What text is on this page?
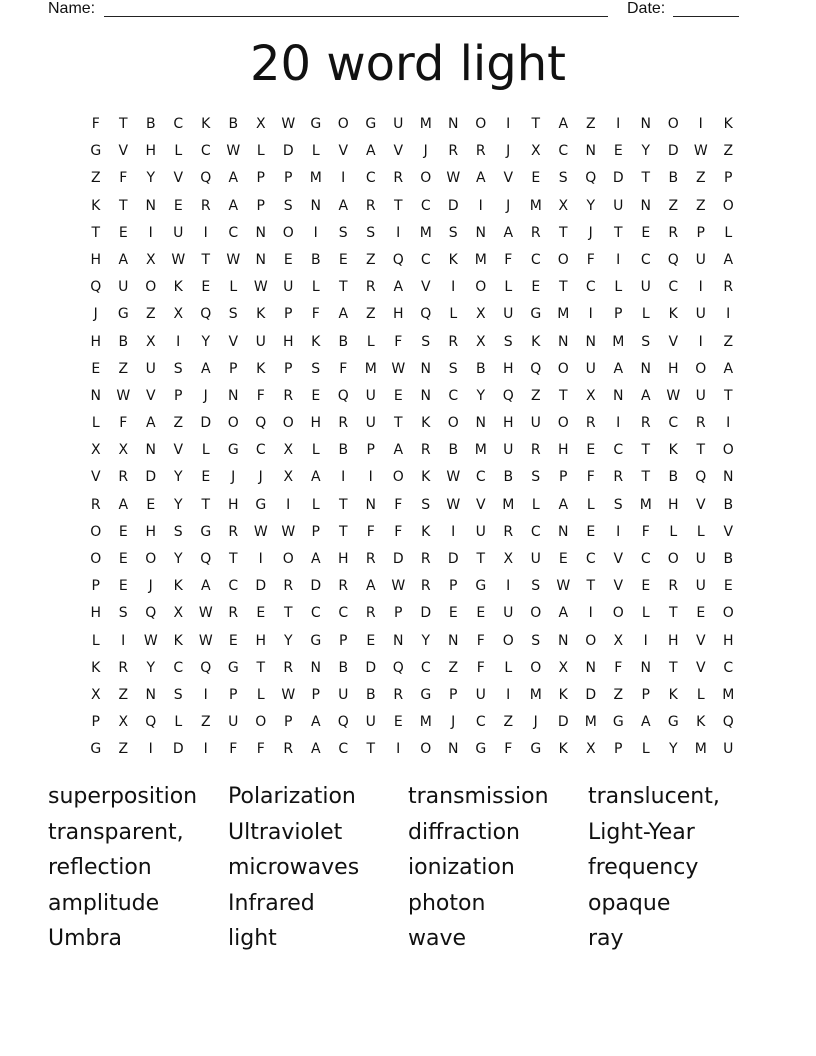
Name:	Date:
20 word light
F	T	B	C	K	B	X	W	G	O	G	U	M	N	O	I	T	A	Z	I	N	O	I	K
G	V	H	L	C	W	L	D	L	V	A	V	J	R	R	J	X	C	N	E	Y	D	W	Z
Z	F	Y	V	Q	A	P	P	M	I	C	R	O	W	A	V	E	S	Q	D	T	B	Z	P
K	T	N	E	R	A	P	S	N	A	R	T	C	D	I	J	M	X	Y	U	N	Z	Z	O
T	E	I	U	I	C	N	O	I	S	S	I	M	S	N	A	R	T	J	T	E	R	P	L
H	A	X	W	T	W	N	E	B	E	Z	Q	C	K	M	F	C	O	F	I	C	Q	U	A
Q	U	O	K	E	L	W	U	L	T	R	A	V	I	O	L	E	T	C	L	U	C	I	R
J	G	Z	X	Q	S	K	P	F	A	Z	H	Q	L	X	U	G	M	I	P	L	K	U	I
H	B	X	I	Y	V	U	H	K	B	L	F	S	R	X	S	K	N	N	M	S	V	I	Z
E	Z	U	S	A	P	K	P	S	F	M	W	N	S	B	H	Q	O	U	A	N	H	O	A
N	W	V	P	J	N	F	R	E	Q	U	E	N	C	Y	Q	Z	T	X	N	A	W	U	T
L	F	A	Z	D	O	Q	O	H	R	U	T	K	O	N	H	U	O	R	I	R	C	R	I
X	X	N	V	L	G	C	X	L	B	P	A	R	B	M	U	R	H	E	C	T	K	T	O
V	R	D	Y	E	J	J	X	A	I	I	O	K	W	C	B	S	P	F	R	T	B	Q	N
R	A	E	Y	T	H	G	I	L	T	N	F	S	W	V	M	L	A	L	S	M	H	V	B
O	E	H	S	G	R	W W	P	T	F	F	K	I	U	R	C	N	E	I	F	L	L	V
O	E	O	Y	Q	T	I	O	A	H	R	D	R	D	T	X	U	E	C	V	C	O	U	B
P	E	J	K	A	C	D	R	D	R	A	W	R	P	G	I	S	W	T	V	E	R	U	E
H	S	Q	X	W	R	E	T	C	C	R	P	D	E	E	U	O	A	I	O	L	T	E	O
L	I	W	K	W	E	H	Y	G	P	E	N	Y	N	F	O	S	N	O	X	I	H	V	H
K	R	Y	C	Q	G	T	R	N	B	D	Q	C	Z	F	L	O	X	N	F	N	T	V	C
X	Z	N	S	I	P	L	W	P	U	B	R	G	P	U	I	M	K	D	Z	P	K	L	M
P	X	Q	L	Z	U	O	P	A	Q	U	E	M	J	C	Z	J	D	M	G	A	G	K	Q
G	Z	I	D	I	F	F	R	A	C	T	I	O	N	G	F	G	K	X	P	L	Y	M	U
superposition	Polarization	transmission	translucent,
transparent,	Ultraviolet	diffraction	Light-Year
reflection	microwaves	ionization	frequency
amplitude	Infrared	photon	opaque
Umbra	light	wave	ray
